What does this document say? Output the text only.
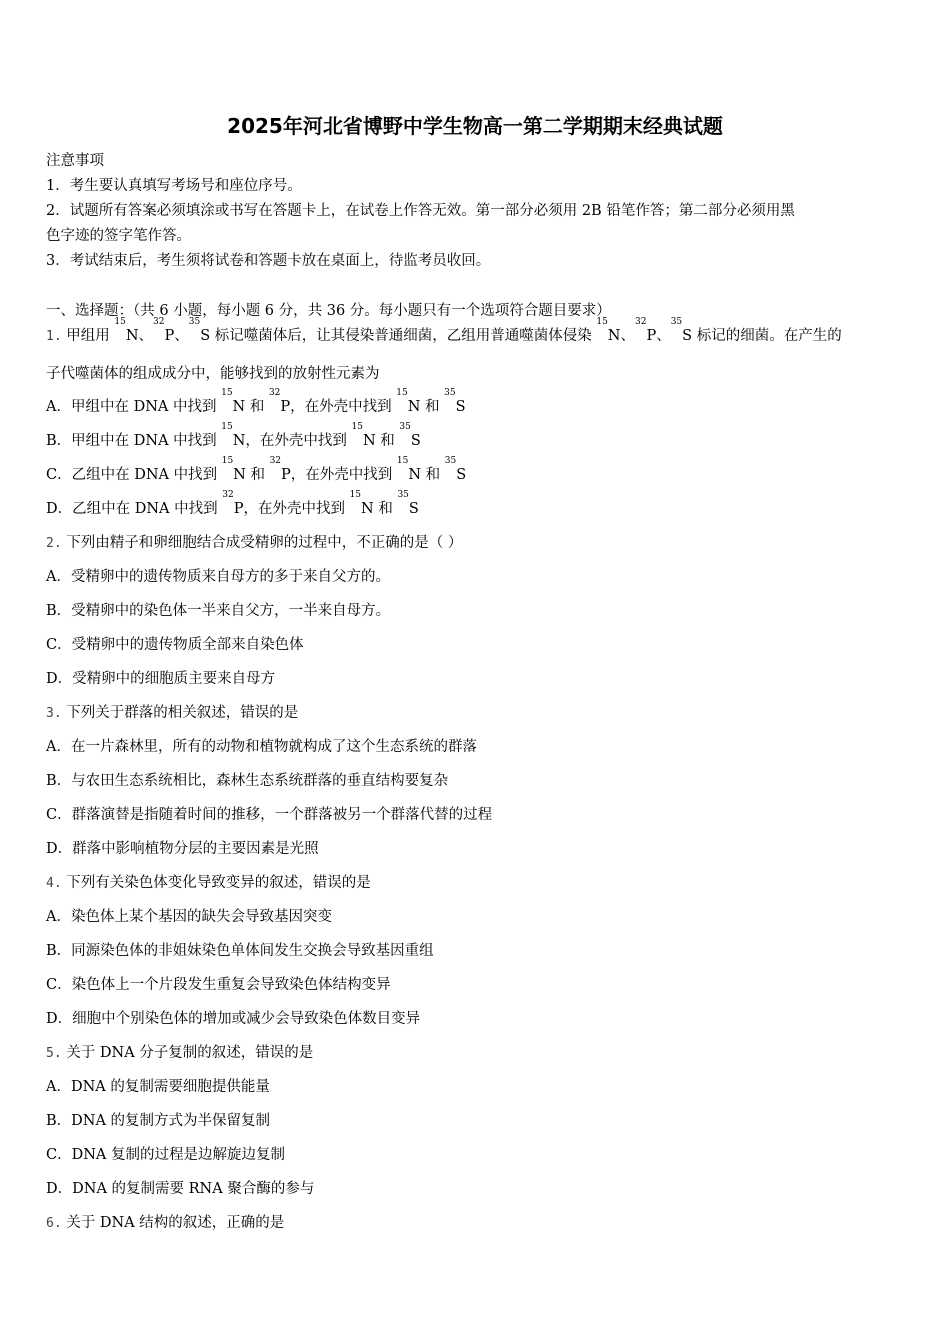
2025年河北省博野中学生物高一第二学期期末经典试题
注意事项
1．考生要认真填写考场号和座位序号。
2．试题所有答案必须填涂或书写在答题卡上，在试卷上作答无效。第一部分必须用 2B 铅笔作答；第二部分必须用黑
色字迹的签字笔作答。
3．考试结束后，考生须将试卷和答题卡放在桌面上，待监考员收回。
一、选择题：（共 6 小题，每小题 6 分，共 36 分。每小题只有一个选项符合题目要求）
1. 甲组用 $^{15}$N、$^{32}$P、$^{35}$S 标记噬菌体后，让其侵染普通细菌，乙组用普通噬菌体侵染 $^{15}$N、$^{32}$P、$^{35}$S 标记的细菌。在产生的
子代噬菌体的组成成分中，能够找到的放射性元素为
A．甲组中在 DNA 中找到 $^{15}$N 和 $^{32}$P，在外壳中找到 $^{15}$N 和 $^{35}$S
B．甲组中在 DNA 中找到 $^{15}$N，在外壳中找到 $^{15}$N 和 $^{35}$S
C．乙组中在 DNA 中找到 $^{15}$N 和 $^{32}$P，在外壳中找到 $^{15}$N 和 $^{35}$S
D．乙组中在 DNA 中找到 $^{32}$P，在外壳中找到 $^{15}$N 和 $^{35}$S
2. 下列由精子和卵细胞结合成受精卵的过程中，不正确的是（ ）
A．受精卵中的遗传物质来自母方的多于来自父方的。
B．受精卵中的染色体一半来自父方，一半来自母方。
C．受精卵中的遗传物质全部来自染色体
D．受精卵中的细胞质主要来自母方
3. 下列关于群落的相关叙述，错误的是
A．在一片森林里，所有的动物和植物就构成了这个生态系统的群落
B．与农田生态系统相比，森林生态系统群落的垂直结构要复杂
C．群落演替是指随着时间的推移，一个群落被另一个群落代替的过程
D．群落中影响植物分层的主要因素是光照
4. 下列有关染色体变化导致变异的叙述，错误的是
A．染色体上某个基因的缺失会导致基因突变
B．同源染色体的非姐妹染色单体间发生交换会导致基因重组
C．染色体上一个片段发生重复会导致染色体结构变异
D．细胞中个别染色体的增加或减少会导致染色体数目变异
5. 关于 DNA 分子复制的叙述，错误的是
A．DNA 的复制需要细胞提供能量
B．DNA 的复制方式为半保留复制
C．DNA 复制的过程是边解旋边复制
D．DNA 的复制需要 RNA 聚合酶的参与
6. 关于 DNA 结构的叙述，正确的是
